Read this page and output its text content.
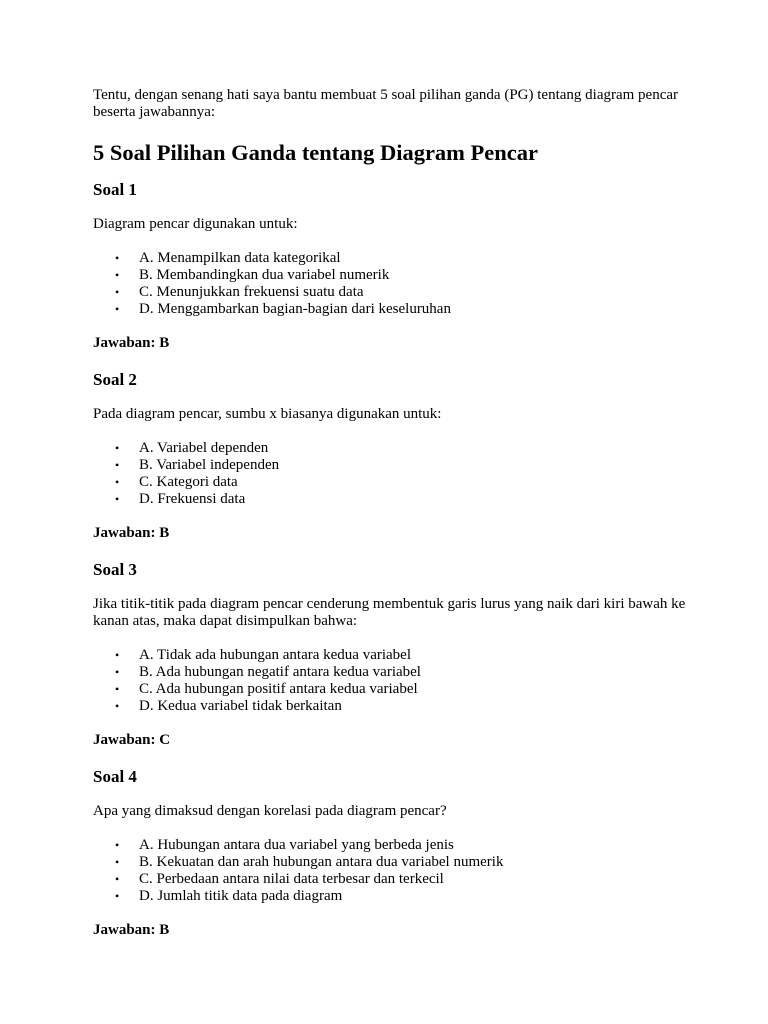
Tentu, dengan senang hati saya bantu membuat 5 soal pilihan ganda (PG) tentang diagram pencar beserta jawabannya:

5 Soal Pilihan Ganda tentang Diagram Pencar
Soal 1

Diagram pencar digunakan untuk:

• A. Menampilkan data kategorikal
• B. Membandingkan dua variabel numerik
• C. Menunjukkan frekuensi suatu data
• D. Menggambarkan bagian-bagian dari keseluruhan

Jawaban: B

Soal 2

Pada diagram pencar, sumbu x biasanya digunakan untuk:

• A. Variabel dependen
• B. Variabel independen
• C. Kategori data
• D. Frekuensi data

Jawaban: B

Soal 3

Jika titik-titik pada diagram pencar cenderung membentuk garis lurus yang naik dari kiri bawah ke kanan atas, maka dapat disimpulkan bahwa:

• A. Tidak ada hubungan antara kedua variabel
• B. Ada hubungan negatif antara kedua variabel
• C. Ada hubungan positif antara kedua variabel
• D. Kedua variabel tidak berkaitan

Jawaban: C

Soal 4

Apa yang dimaksud dengan korelasi pada diagram pencar?

• A. Hubungan antara dua variabel yang berbeda jenis
• B. Kekuatan dan arah hubungan antara dua variabel numerik
• C. Perbedaan antara nilai data terbesar dan terkecil
• D. Jumlah titik data pada diagram

Jawaban: B
